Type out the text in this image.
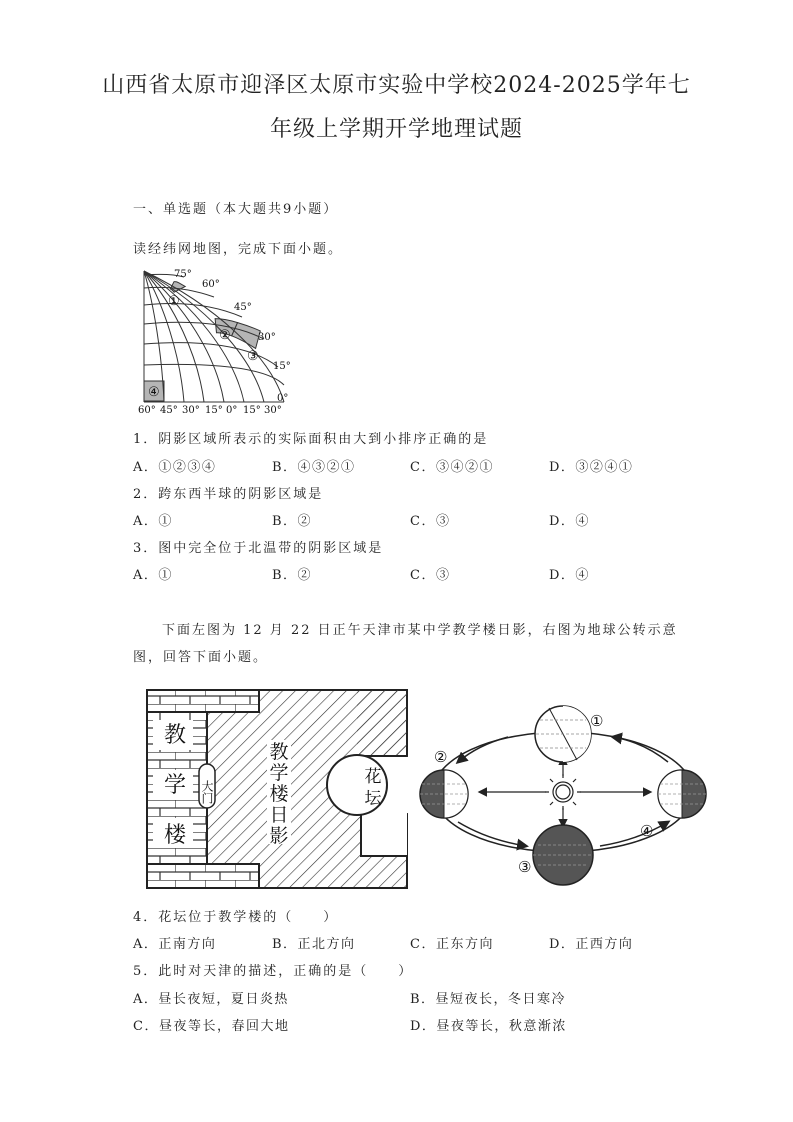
山西省太原市迎泽区太原市实验中学校2024-2025学年七
年级上学期开学地理试题
一、单选题（本大题共9小题）
读经纬网地图，完成下面小题。
75°
60°
45°
30°
15°
0°
60° 45° 30° 15° 0° 15° 30°
①
②
③
④
1．阴影区域所表示的实际面积由大到小排序正确的是
A．①②③④	B．④③②①	C．③④②①	D．③②④①
2．跨东西半球的阴影区域是
A．①	B．②	C．③	D．④
3．图中完全位于北温带的阴影区域是
A．①	B．②	C．③	D．④
下面左图为 12 月 22 日正午天津市某中学教学楼日影，右图为地球公转示意
图，回答下面小题。
教
学
楼
大门
教
学
楼
日
影
花
坛
①
②
③
④
4．花坛位于教学楼的（　　）
A．正南方向	B．正北方向	C．正东方向	D．正西方向
5．此时对天津的描述，正确的是（　　）
A．昼长夜短，夏日炎热	B．昼短夜长，冬日寒冷
C．昼夜等长，春回大地	D．昼夜等长，秋意渐浓
